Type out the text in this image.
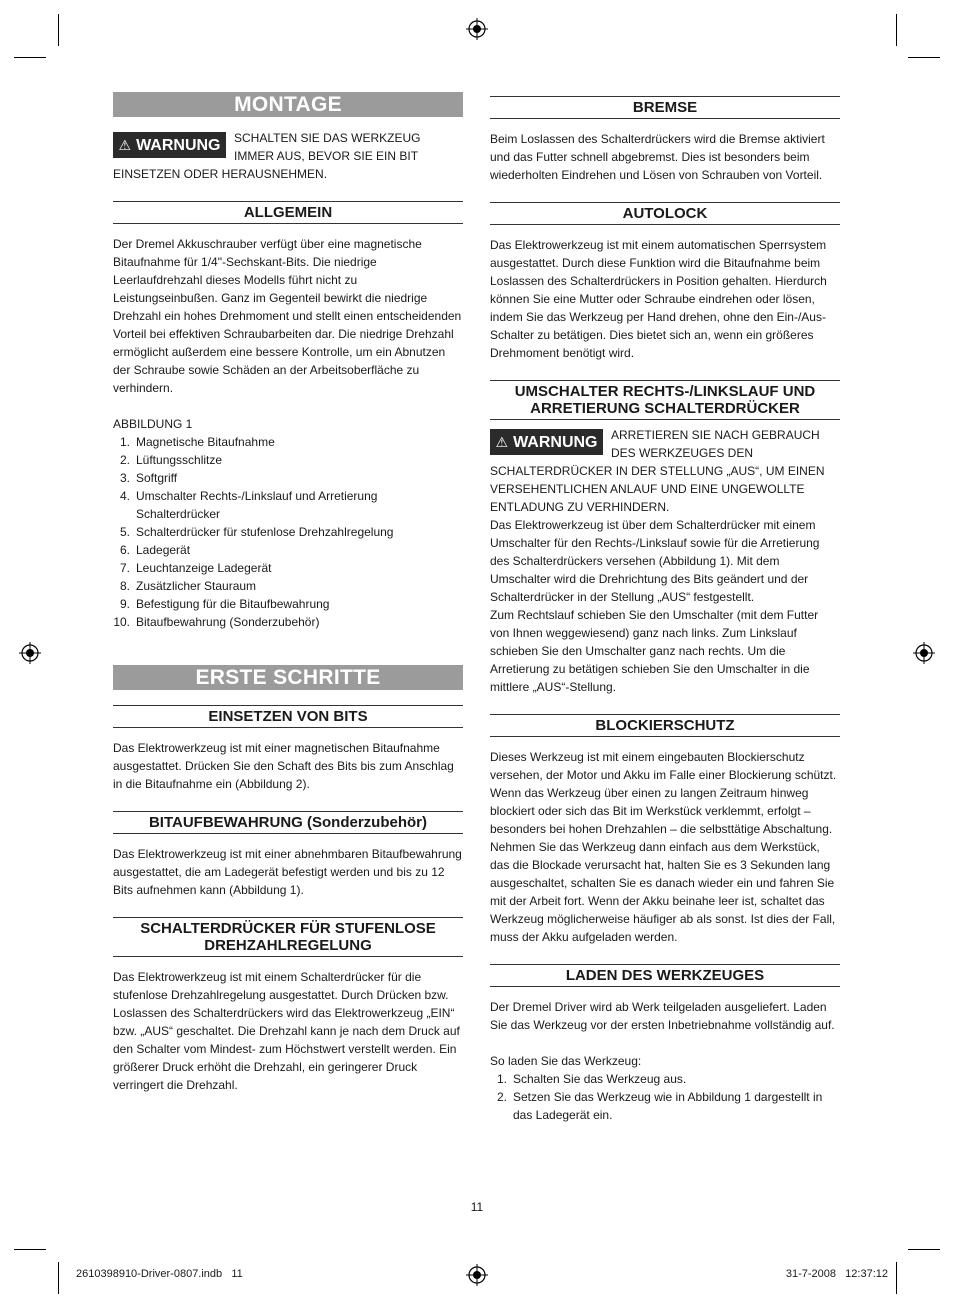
MONTAGE
⚠ WARNUNG	SCHALTEN SIE DAS WERKZEUG IMMER AUS, BEVOR SIE EIN BIT EINSETZEN ODER HERAUSNEHMEN.

ALLGEMEIN

Der Dremel Akkuschrauber verfügt über eine magnetische Bitaufnahme für 1/4"-Sechskant-Bits. Die niedrige Leerlaufdrehzahl dieses Modells führt nicht zu Leistungseinbußen. Ganz im Gegenteil bewirkt die niedrige Drehzahl ein hohes Drehmoment und stellt einen entscheidenden Vorteil bei effektiven Schraubarbeiten dar. Die niedrige Drehzahl ermöglicht außerdem eine bessere Kontrolle, um ein Abnutzen der Schraube sowie Schäden an der Arbeitsoberfläche zu verhindern.

ABBILDUNG 1

1. Magnetische Bitaufnahme
2. Lüftungsschlitze
3. Softgriff
4. Umschalter Rechts-/Linkslauf und Arretierung Schalterdrücker
5. Schalterdrücker für stufenlose Drehzahlregelung
6. Ladegerät
7. Leuchtanzeige Ladegerät
8. Zusätzlicher Stauraum
9. Befestigung für die Bitaufbewahrung
10. Bitaufbewahrung (Sonderzubehör)
ERSTE SCHRITTE
EINSETZEN VON BITS

Das Elektrowerkzeug ist mit einer magnetischen Bitaufnahme ausgestattet. Drücken Sie den Schaft des Bits bis zum Anschlag in die Bitaufnahme ein (Abbildung 2).

BITAUFBEWAHRUNG (Sonderzubehör)

Das Elektrowerkzeug ist mit einer abnehmbaren Bitaufbewahrung ausgestattet, die am Ladegerät befestigt werden und bis zu 12 Bits aufnehmen kann (Abbildung 1).

SCHALTERDRÜCKER FÜR STUFENLOSE
DREHZAHLREGELUNG

Das Elektrowerkzeug ist mit einem Schalterdrücker für die stufenlose Drehzahlregelung ausgestattet. Durch Drücken bzw. Loslassen des Schalterdrückers wird das Elektrowerkzeug „EIN“ bzw. „AUS“ geschaltet. Die Drehzahl kann je nach dem Druck auf den Schalter vom Mindest- zum Höchstwert verstellt werden. Ein größerer Druck erhöht die Drehzahl, ein geringerer Druck verringert die Drehzahl.

BREMSE

Beim Loslassen des Schalterdrückers wird die Bremse aktiviert und das Futter schnell abgebremst. Dies ist besonders beim wiederholten Eindrehen und Lösen von Schrauben von Vorteil.

AUTOLOCK

Das Elektrowerkzeug ist mit einem automatischen Sperrsystem ausgestattet. Durch diese Funktion wird die Bitaufnahme beim Loslassen des Schalterdrückers in Position gehalten. Hierdurch können Sie eine Mutter oder Schraube eindrehen oder lösen, indem Sie das Werkzeug per Hand drehen, ohne den Ein-/Aus-Schalter zu betätigen. Dies bietet sich an, wenn ein größeres Drehmoment benötigt wird.

UMSCHALTER RECHTS-/LINKSLAUF UND
ARRETIERUNG SCHALTERDRÜCKER
⚠ WARNUNG	ARRETIEREN SIE NACH GEBRAUCH DES WERKZEUGES DEN SCHALTERDRÜCKER IN DER STELLUNG „AUS“, UM EINEN VERSEHENTLICHEN ANLAUF UND EINE UNGEWOLLTE ENTLADUNG ZU VERHINDERN.

Das Elektrowerkzeug ist über dem Schalterdrücker mit einem Umschalter für den Rechts-/Linkslauf sowie für die Arretierung des Schalterdrückers versehen (Abbildung 1). Mit dem Umschalter wird die Drehrichtung des Bits geändert und der Schalterdrücker in der Stellung „AUS“ festgestellt.

Zum Rechtslauf schieben Sie den Umschalter (mit dem Futter von Ihnen weggewiesend) ganz nach links. Zum Linkslauf schieben Sie den Umschalter ganz nach rechts. Um die Arretierung zu betätigen schieben Sie den Umschalter in die mittlere „AUS“-Stellung.

BLOCKIERSCHUTZ

Dieses Werkzeug ist mit einem eingebauten Blockierschutz versehen, der Motor und Akku im Falle einer Blockierung schützt. Wenn das Werkzeug über einen zu langen Zeitraum hinweg blockiert oder sich das Bit im Werkstück verklemmt, erfolgt – besonders bei hohen Drehzahlen – die selbsttätige Abschaltung. Nehmen Sie das Werkzeug dann einfach aus dem Werkstück, das die Blockade verursacht hat, halten Sie es 3 Sekunden lang ausgeschaltet, schalten Sie es danach wieder ein und fahren Sie mit der Arbeit fort. Wenn der Akku beinahe leer ist, schaltet das Werkzeug möglicherweise häufiger ab als sonst. Ist dies der Fall, muss der Akku aufgeladen werden.

LADEN DES WERKZEUGES

Der Dremel Driver wird ab Werk teilgeladen ausgeliefert. Laden Sie das Werkzeug vor der ersten Inbetriebnahme vollständig auf.

So laden Sie das Werkzeug:

1. Schalten Sie das Werkzeug aus.
2. Setzen Sie das Werkzeug wie in Abbildung 1 dargestellt in das Ladegerät ein.
11
2610398910-Driver-0807.indb   11	31-7-2008   12:37:12
